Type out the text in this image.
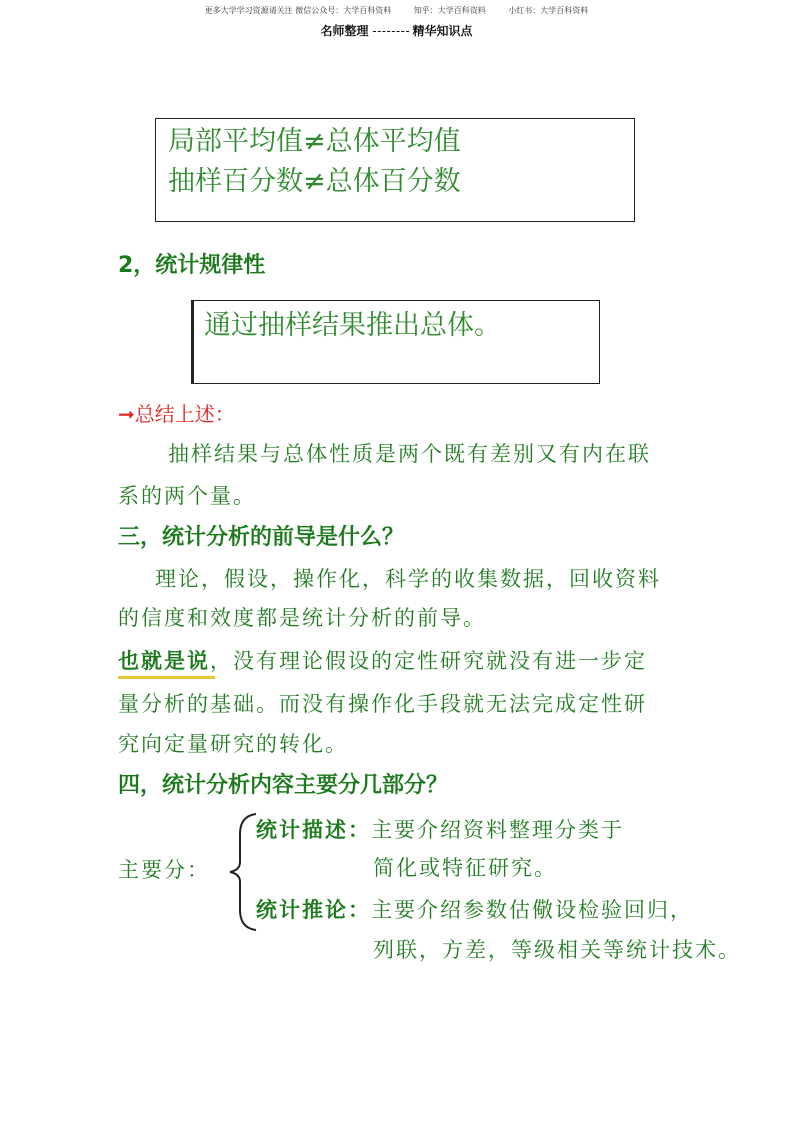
更多大学学习资源请关注 微信公众号：大学百科资料	知乎：大学百科资料	小红书：大学百科资料
名师整理	精华知识点
局部平均值≠总体平均值
抽样百分数≠总体百分数
2，统计规律性
通过抽样结果推出总体。
➞总结上述：
抽样结果与总体性质是两个既有差别又有内在联
系的两个量。
三，统计分析的前导是什么？
理论，假设，操作化，科学的收集数据，回收资料
的信度和效度都是统计分析的前导。
也就是说，没有理论假设的定性研究就没有进一步定
量分析的基础。而没有操作化手段就无法完成定性研
究向定量研究的转化。
四，统计分析内容主要分几部分？
主要分：
统计描述：主要介绍资料整理分类于
简化或特征研究。
统计推论：主要介绍参数估儆设检验回归，
列联，方差，等级相关等统计技术。
